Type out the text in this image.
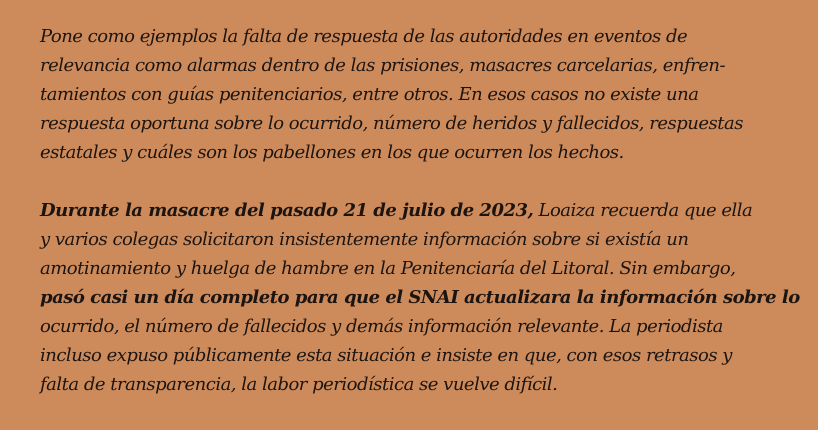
Pone como ejemplos la falta de respuesta de las autoridades en eventos de
relevancia como alarmas dentro de las prisiones, masacres carcelarias, enfren-
tamientos con guías penitenciarios, entre otros. En esos casos no existe una
respuesta oportuna sobre lo ocurrido, número de heridos y fallecidos, respuestas
estatales y cuáles son los pabellones en los que ocurren los hechos.
Durante la masacre del pasado 21 de julio de 2023, Loaiza recuerda que ella
y varios colegas solicitaron insistentemente información sobre si existía un
amotinamiento y huelga de hambre en la Penitenciaría del Litoral. Sin embargo,
pasó casi un día completo para que el SNAI actualizara la información sobre lo
ocurrido, el número de fallecidos y demás información relevante. La periodista
incluso expuso públicamente esta situación e insiste en que, con esos retrasos y
falta de transparencia, la labor periodística se vuelve difícil.
